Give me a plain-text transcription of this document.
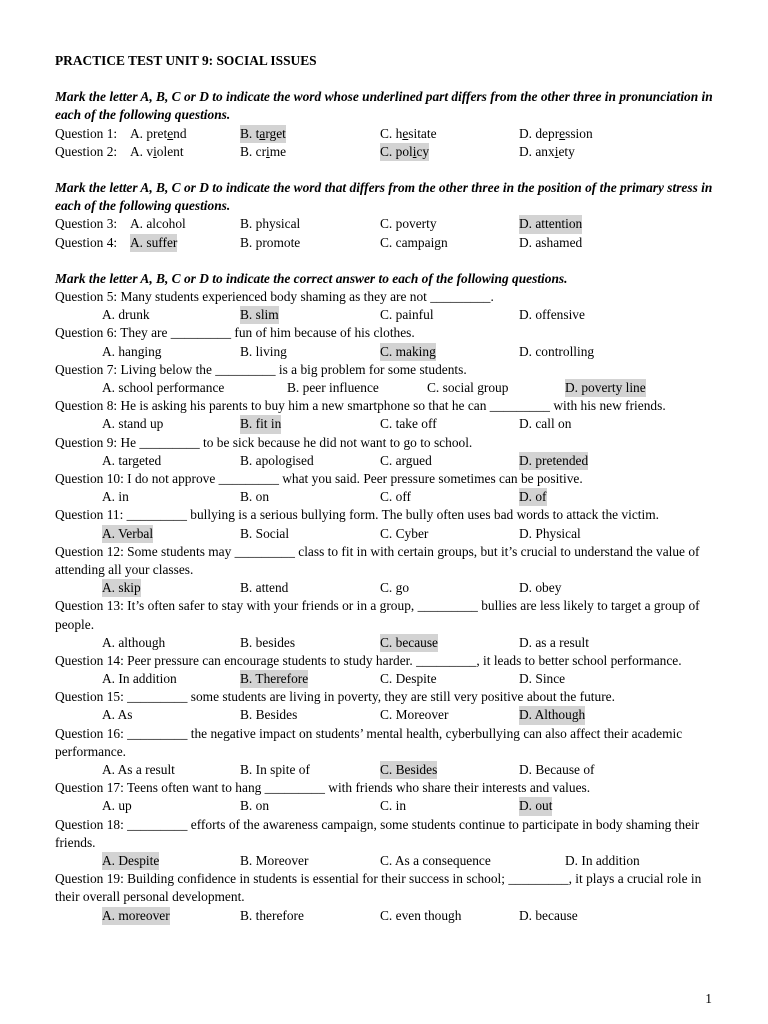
PRACTICE TEST UNIT 9: SOCIAL ISSUES
Mark the letter A, B, C or D to indicate the word whose underlined part differs from the other three in pronunciation in each of the following questions.
Question 1: A. pretend	B. target	C. hesitate	D. depression
Question 2: A. violent	B. crime	C. policy	D. anxiety
Mark the letter A, B, C or D to indicate the word that differs from the other three in the position of the primary stress in each of the following questions.
Question 3: A. alcohol	B. physical	C. poverty	D. attention
Question 4: A. suffer	B. promote	C. campaign	D. ashamed
Mark the letter A, B, C or D to indicate the correct answer to each of the following questions.
Question 5: Many students experienced body shaming as they are not _________.
A. drunk	B. slim	C. painful	D. offensive
Question 6: They are _________ fun of him because of his clothes.
A. hanging	B. living	C. making	D. controlling
Question 7: Living below the _________ is a big problem for some students.
A. school performance	B. peer influence	C. social group	D. poverty line
Question 8: He is asking his parents to buy him a new smartphone so that he can _________ with his new friends.
A. stand up	B. fit in	C. take off	D. call on
Question 9: He _________ to be sick because he did not want to go to school.
A. targeted	B. apologised	C. argued	D. pretended
Question 10: I do not approve _________ what you said. Peer pressure sometimes can be positive.
A. in	B. on	C. off	D. of
Question 11: _________ bullying is a serious bullying form. The bully often uses bad words to attack the victim.
A. Verbal	B. Social	C. Cyber	D. Physical
Question 12: Some students may _________ class to fit in with certain groups, but it’s crucial to understand the value of attending all your classes.
A. skip	B. attend	C. go	D. obey
Question 13: It’s often safer to stay with your friends or in a group, _________ bullies are less likely to target a group of people.
A. although	B. besides	C. because	D. as a result
Question 14: Peer pressure can encourage students to study harder. _________, it leads to better school performance.
A. In addition	B. Therefore	C. Despite	D. Since
Question 15: _________ some students are living in poverty, they are still very positive about the future.
A. As	B. Besides	C. Moreover	D. Although
Question 16: _________ the negative impact on students’ mental health, cyberbullying can also affect their academic performance.
A. As a result	B. In spite of	C. Besides	D. Because of
Question 17: Teens often want to hang _________ with friends who share their interests and values.
A. up	B. on	C. in	D. out
Question 18: _________ efforts of the awareness campaign, some students continue to participate in body shaming their friends.
A. Despite	B. Moreover	C. As a consequence	D. In addition
Question 19: Building confidence in students is essential for their success in school; _________, it plays a crucial role in their overall personal development.
A. moreover	B. therefore	C. even though	D. because
1
